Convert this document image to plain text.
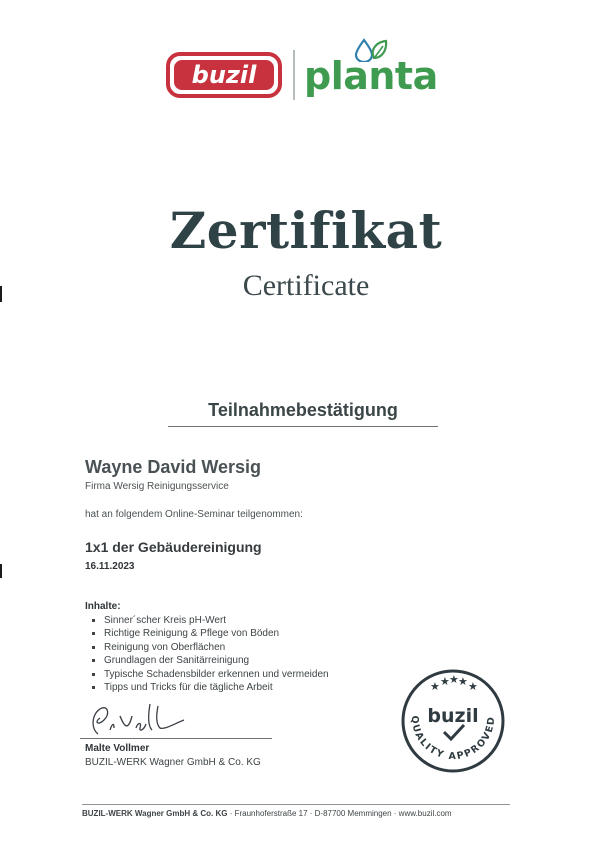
buzil planta
Zertifikat
Certificate
Teilnahmebestätigung
Wayne David Wersig
Firma Wersig Reinigungsservice
hat an folgendem Online-Seminar teilgenommen:
1x1 der Gebäudereinigung
16.11.2023
Inhalte:
Sinner´scher Kreis pH-Wert
Richtige Reinigung & Pflege von Böden
Reinigung von Oberflächen
Grundlagen der Sanitärreinigung
Typische Schadensbilder erkennen und vermeiden
Tipps und Tricks für die tägliche Arbeit
Malte Vollmer
BUZIL-WERK Wagner GmbH & Co. KG
★ ★ ★ ★ ★
buzil
QUALITY APPROVED
BUZIL-WERK Wagner GmbH & Co. KG · Fraunhoferstraße 17 · D-87700 Memmingen · www.buzil.com
